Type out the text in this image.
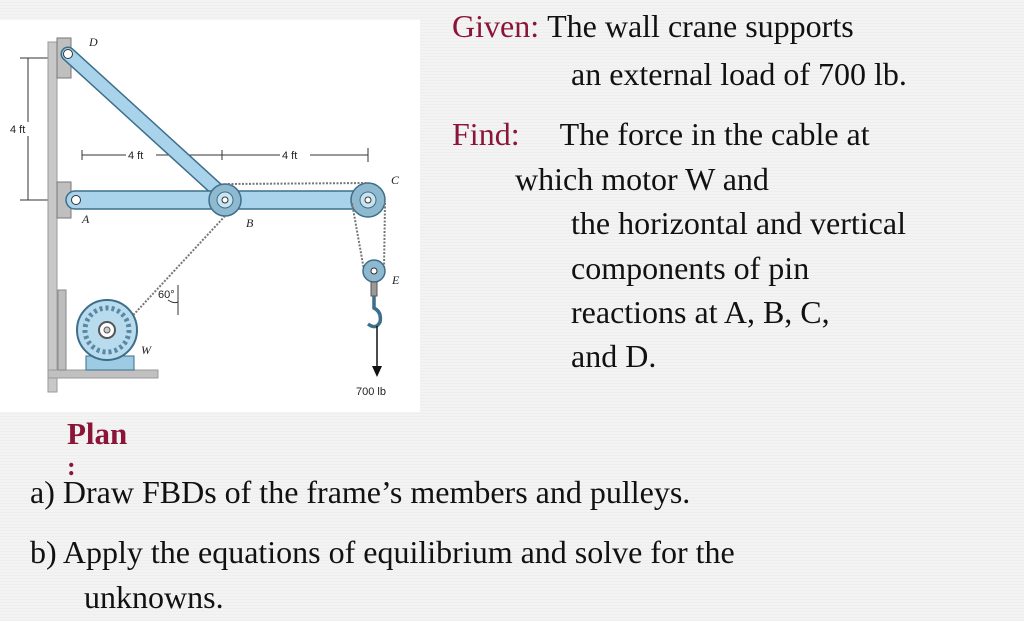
4 ft
4 ft	4 ft
60°
700 lb
D
A	B
C
E
W
Given: The wall crane supports
an external load of 700 lb.
Find: The force in the cable at
which motor W and
the horizontal and vertical
components of pin
reactions at A, B, C,
and D.
Plan
:
a) Draw FBDs of the frame’s members and pulleys.
b) Apply the equations of equilibrium and solve for the
unknowns.
